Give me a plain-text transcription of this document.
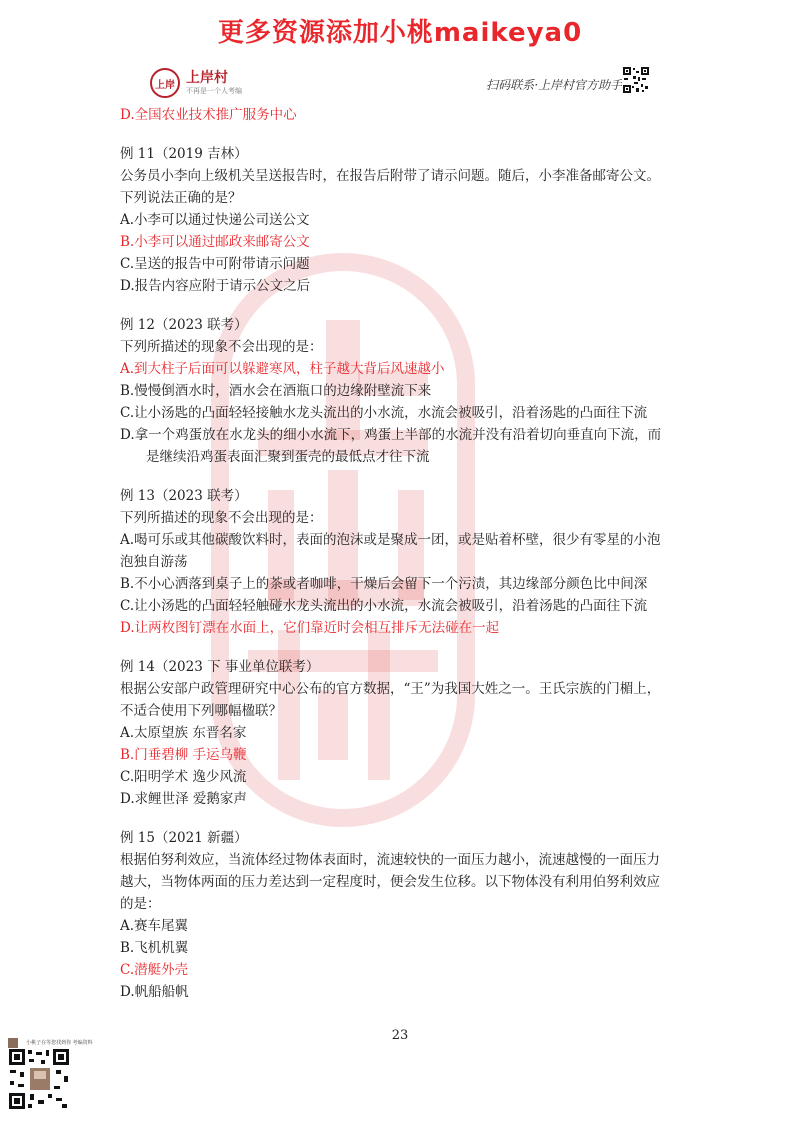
更多资源添加小桃maikeya0
上岸 上岸村
不再是一个人考编	扫码联系·上岸村官方助手
D.全国农业技术推广服务中心
例 11（2019 吉林）
公务员小李向上级机关呈送报告时，在报告后附带了请示问题。随后，小李准备邮寄公文。
下列说法正确的是？
A.小李可以通过快递公司送公文
B.小李可以通过邮政来邮寄公文
C.呈送的报告中可附带请示问题
D.报告内容应附于请示公文之后
例 12（2023 联考）
下列所描述的现象不会出现的是：
A.到大柱子后面可以躲避寒风，柱子越大背后风速越小
B.慢慢倒酒水时，酒水会在酒瓶口的边缘附壁流下来
C.让小汤匙的凸面轻轻接触水龙头流出的小水流，水流会被吸引，沿着汤匙的凸面往下流
D.拿一个鸡蛋放在水龙头的细小水流下，鸡蛋上半部的水流并没有沿着切向垂直向下流，而
是继续沿鸡蛋表面汇聚到蛋壳的最低点才往下流
例 13（2023 联考）
下列所描述的现象不会出现的是：
A.喝可乐或其他碳酸饮料时，表面的泡沫或是聚成一团，或是贴着杯壁，很少有零星的小泡
泡独自游荡
B.不小心洒落到桌子上的茶或者咖啡，干燥后会留下一个污渍，其边缘部分颜色比中间深
C.让小汤匙的凸面轻轻触碰水龙头流出的小水流，水流会被吸引，沿着汤匙的凸面往下流
D.让两枚图钉漂在水面上，它们靠近时会相互排斥无法碰在一起
例 14（2023 下 事业单位联考）
根据公安部户政管理研究中心公布的官方数据，“王”为我国大姓之一。王氏宗族的门楣上，
不适合使用下列哪幅楹联？
A.太原望族 东晋名家
B.门垂碧柳 手运乌鞭
C.阳明学术 逸少风流
D.求鲤世泽 爱鹅家声
例 15（2021 新疆）
根据伯努利效应，当流体经过物体表面时，流速较快的一面压力越小，流速越慢的一面压力
越大，当物体两面的压力差达到一定程度时，便会发生位移。以下物体没有利用伯努利效应
的是：
A.赛车尾翼
B.飞机机翼
C.潜艇外壳
D.帆船船帆
23
小桃子在等您找到你 考编资料
